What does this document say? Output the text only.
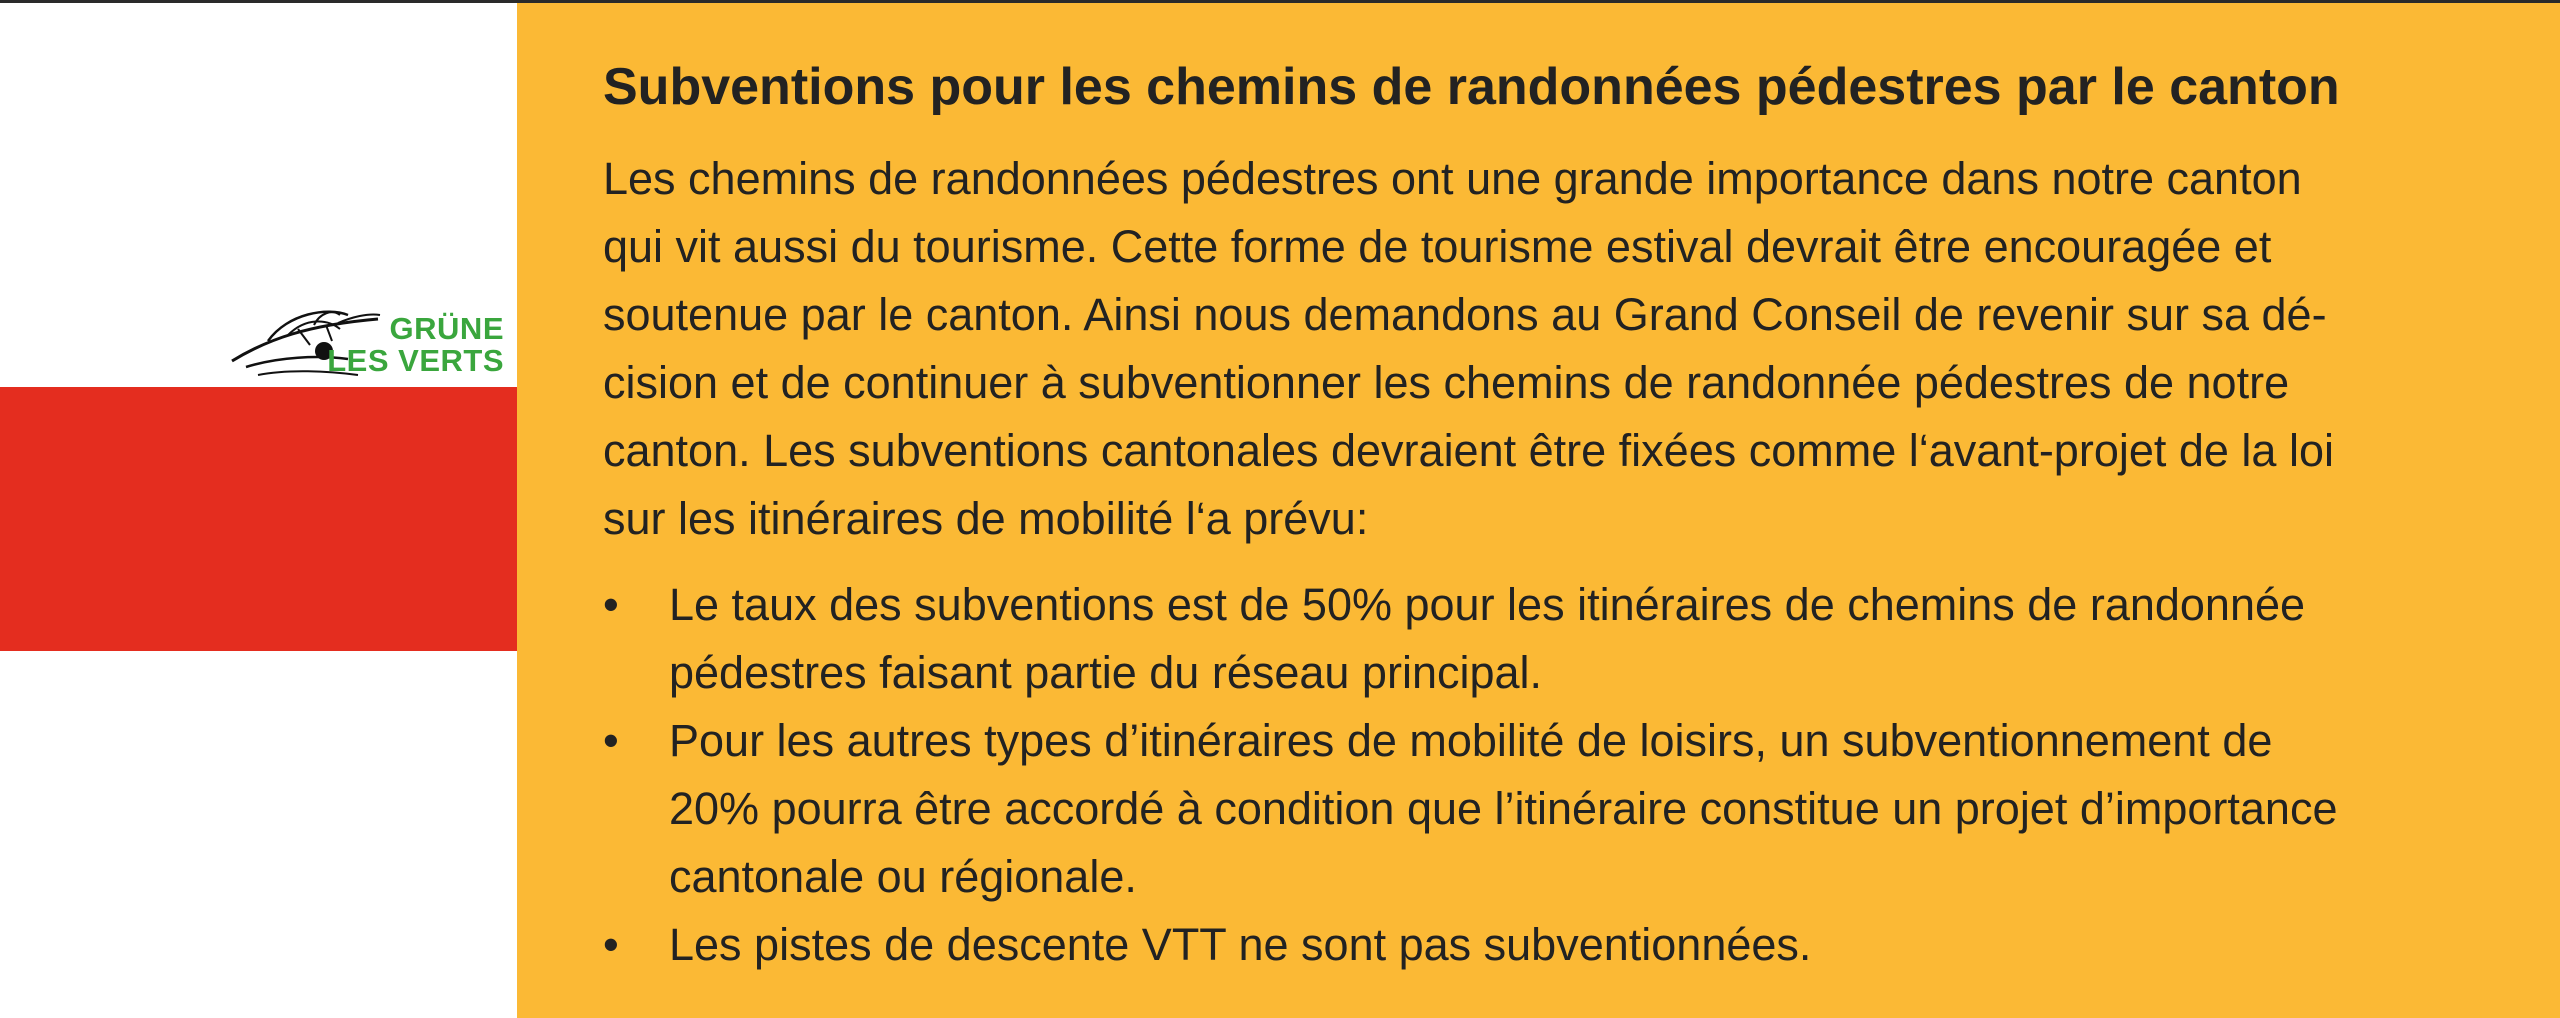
GRÜNE
LES VERTS
Subventions pour les chemins de randonnées pédestres par le canton
Les chemins de randonnées pédestres ont une grande importance dans notre canton
qui vit aussi du tourisme. Cette forme de tourisme estival devrait être encouragée et
soutenue par le canton. Ainsi nous demandons au Grand Conseil de revenir sur sa dé-
cision et de continuer à subventionner les chemins de randonnée pédestres de notre
canton. Les subventions cantonales devraient être fixées comme l‘avant-projet de la loi
sur les itinéraires de mobilité l‘a prévu:
• Le taux des subventions est de 50% pour les itinéraires de chemins de randonnée
pédestres faisant partie du réseau principal.
• Pour les autres types d’itinéraires de mobilité de loisirs, un subventionnement de
20% pourra être accordé à condition que l’itinéraire constitue un projet d’importance
cantonale ou régionale.
• Les pistes de descente VTT ne sont pas subventionnées.
